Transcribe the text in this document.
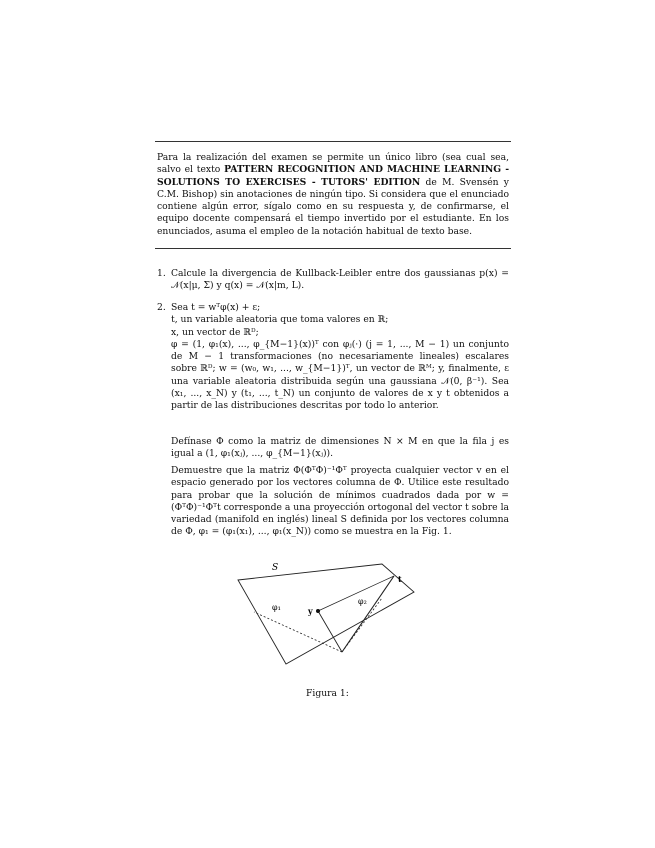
Para la realización del examen se permite un único libro (sea cual sea, salvo el texto PATTERN RECOGNITION AND MACHINE LEARNING - SOLUTIONS TO EXERCISES - TUTORS' EDITION de M. Svensén y C.M. Bishop) sin anotaciones de ningún tipo. Si considera que el enunciado contiene algún error, sígalo como en su respuesta y, de confirmarse, el equipo docente compensará el tiempo invertido por el estudiante. En los enunciados, asuma el empleo de la notación habitual de texto base.
1. Calcule la divergencia de Kullback-Leibler entre dos gaussianas p(x) = 𝒩(x|μ, Σ) y q(x) = 𝒩(x|m, L).
2. Sea t = wᵀφ(x) + ε;
t, un variable aleatoria que toma valores en ℝ;
x, un vector de ℝᴰ;
φ = (1, φ₁(x), ..., φ_{M−1}(x))ᵀ con φⱼ(·) (j = 1, ..., M − 1) un conjunto de M − 1 transformaciones (no necesariamente lineales) escalares sobre ℝᴰ; w = (w₀, w₁, ..., w_{M−1})ᵀ, un vector de ℝᴹ; y, finalmente, ε una variable aleatoria distribuida según una gaussiana 𝒩(0, β⁻¹). Sea (x₁, ..., x_N) y (t₁, ..., t_N) un conjunto de valores de x y t obtenidos a partir de las distribuciones descritas por todo lo anterior.
Defínase Φ como la matriz de dimensiones N × M en que la fila j es igual a (1, φ₁(xⱼ), ..., φ_{M−1}(xⱼ)).
Demuestre que la matriz Φ(ΦᵀΦ)⁻¹Φᵀ proyecta cualquier vector v en el espacio generado por los vectores columna de Φ. Utilice este resultado para probar que la solución de mínimos cuadrados dada por w = (ΦᵀΦ)⁻¹Φᵀt corresponde a una proyección ortogonal del vector t sobre la variedad (manifold en inglés) lineal S definida por los vectores columna de Φ, φ₁ = (φ₁(x₁), ..., φ₁(x_N)) como se muestra en la Fig. 1.
S
φ₁
φ₂
y
t
Figura 1:
